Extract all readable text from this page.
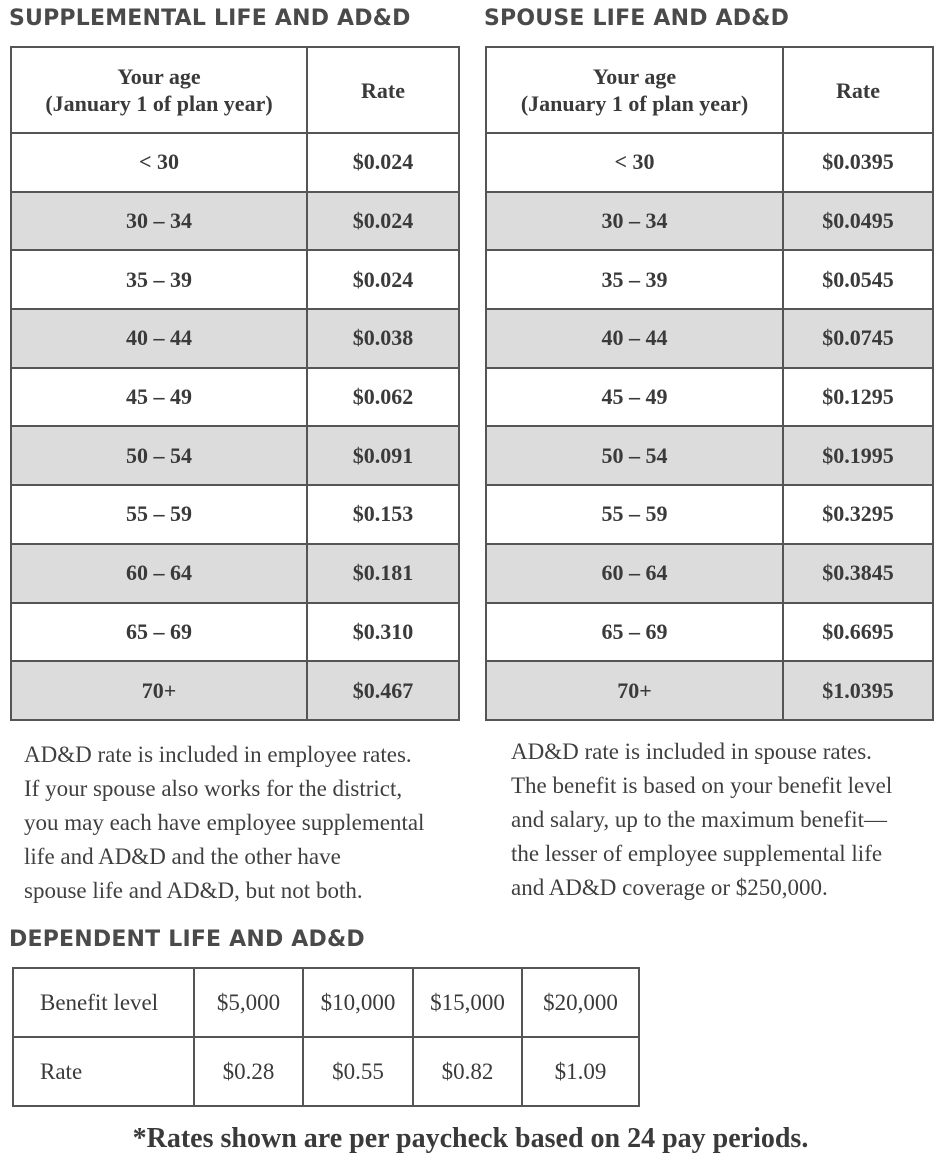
SUPPLEMENTAL LIFE AND AD&D	SPOUSE LIFE AND AD&D
Your age
(January 1 of plan year)	Rate
< 30	$0.024
30 – 34	$0.024
35 – 39	$0.024
40 – 44	$0.038
45 – 49	$0.062
50 – 54	$0.091
55 – 59	$0.153
60 – 64	$0.181
65 – 69	$0.310
70+	$0.467
Your age
(January 1 of plan year)	Rate
< 30	$0.0395
30 – 34	$0.0495
35 – 39	$0.0545
40 – 44	$0.0745
45 – 49	$0.1295
50 – 54	$0.1995
55 – 59	$0.3295
60 – 64	$0.3845
65 – 69	$0.6695
70+	$1.0395
AD&D rate is included in employee rates.
If your spouse also works for the district,
you may each have employee supplemental
life and AD&D and the other have
spouse life and AD&D, but not both.
AD&D rate is included in spouse rates.
The benefit is based on your benefit level
and salary, up to the maximum benefit—
the lesser of employee supplemental life
and AD&D coverage or $250,000.
DEPENDENT LIFE AND AD&D
Benefit level	$5,000	$10,000	$15,000	$20,000
Rate	$0.28	$0.55	$0.82	$1.09
*Rates shown are per paycheck based on 24 pay periods.
